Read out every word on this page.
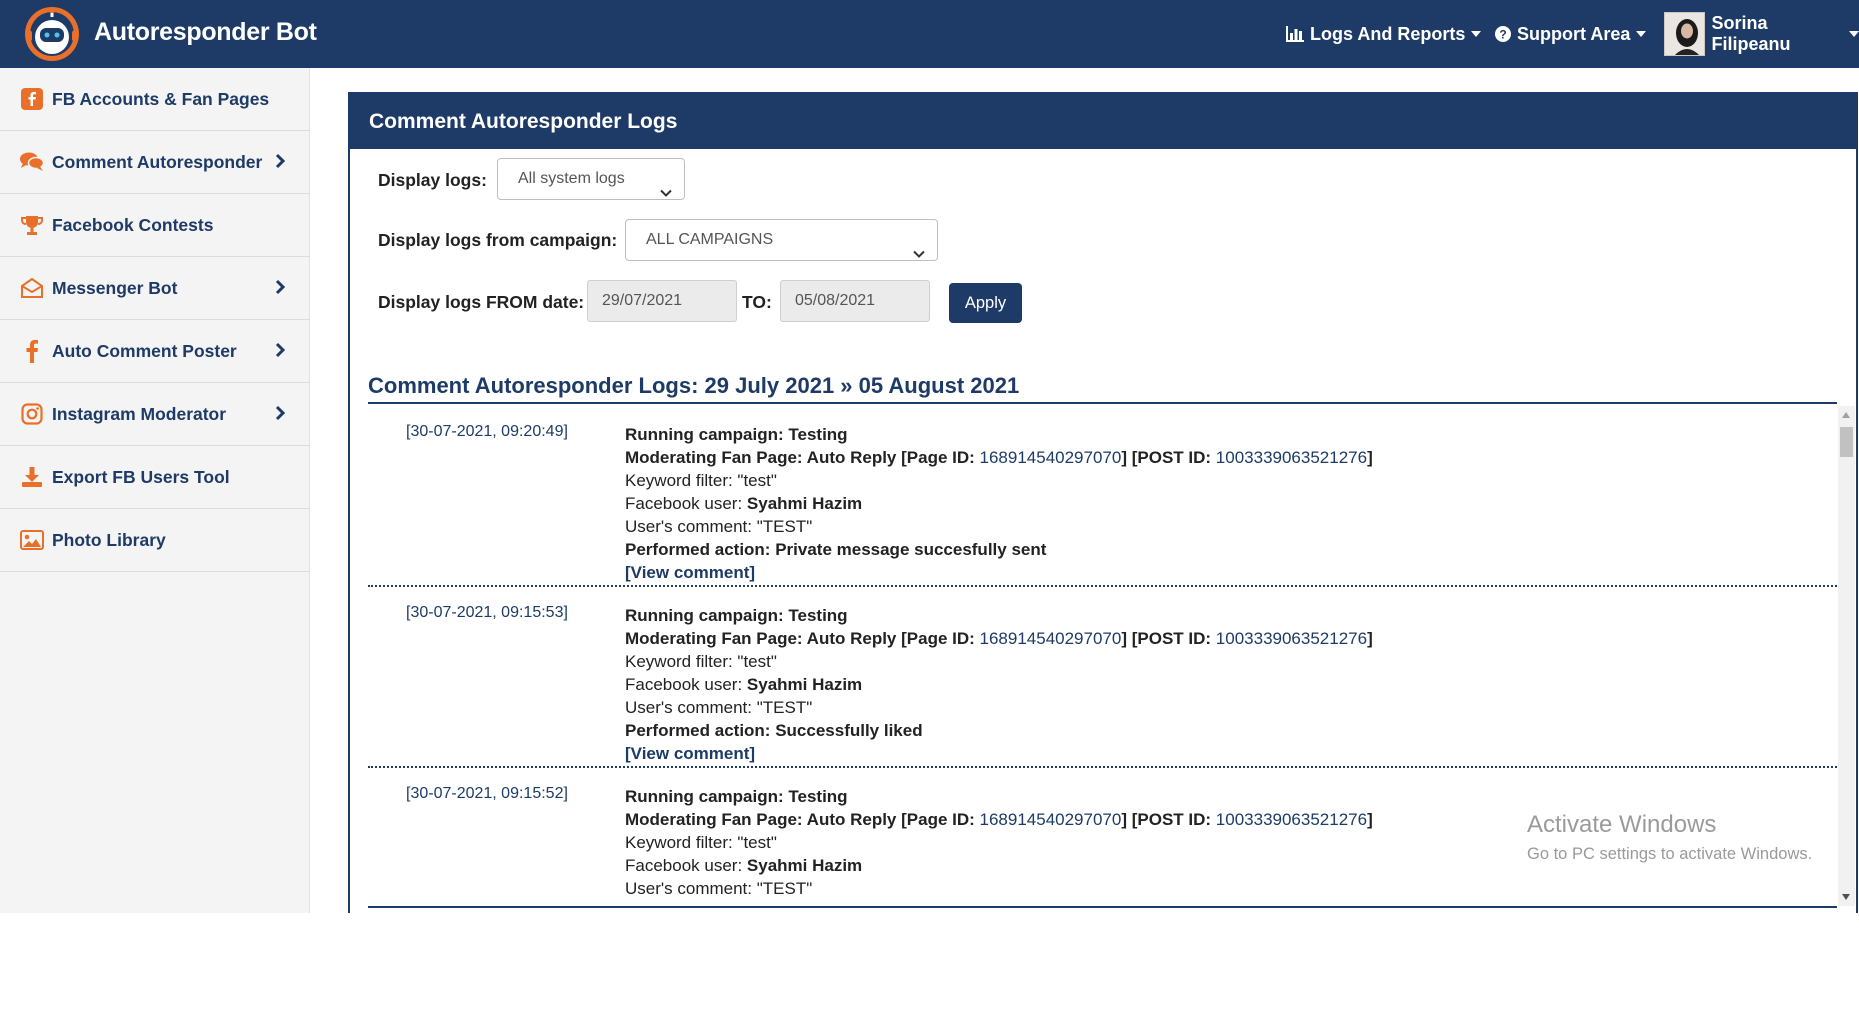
Autoresponder Bot	Logs And Reports	? Support Area
Sorina Filipeanu
FB Accounts & Fan Pages
Comment Autoresponder
Facebook Contests
Messenger Bot
Auto Comment Poster
Instagram Moderator
Export FB Users Tool
Photo Library
Comment Autoresponder Logs
Display logs:	All system logs
Display logs from campaign:	ALL CAMPAIGNS
Display logs FROM date:	29/07/2021	TO:	05/08/2021	Apply
Comment Autoresponder Logs: 29 July 2021 » 05 August 2021
[30-07-2021, 09:20:49]	Running campaign: Testing
Moderating Fan Page: Auto Reply [Page ID: 168914540297070] [POST ID: 1003339063521276]
Keyword filter: "test"
Facebook user: Syahmi Hazim
User's comment: "TEST"
Performed action: Private message succesfully sent
[View comment]
[30-07-2021, 09:15:53]	Running campaign: Testing
Moderating Fan Page: Auto Reply [Page ID: 168914540297070] [POST ID: 1003339063521276]
Keyword filter: "test"
Facebook user: Syahmi Hazim
User's comment: "TEST"
Performed action: Successfully liked
[View comment]
[30-07-2021, 09:15:52]	Running campaign: Testing
Moderating Fan Page: Auto Reply [Page ID: 168914540297070] [POST ID: 1003339063521276]
Keyword filter: "test"
Facebook user: Syahmi Hazim
User's comment: "TEST"
Activate Windows
Go to PC settings to activate Windows.
